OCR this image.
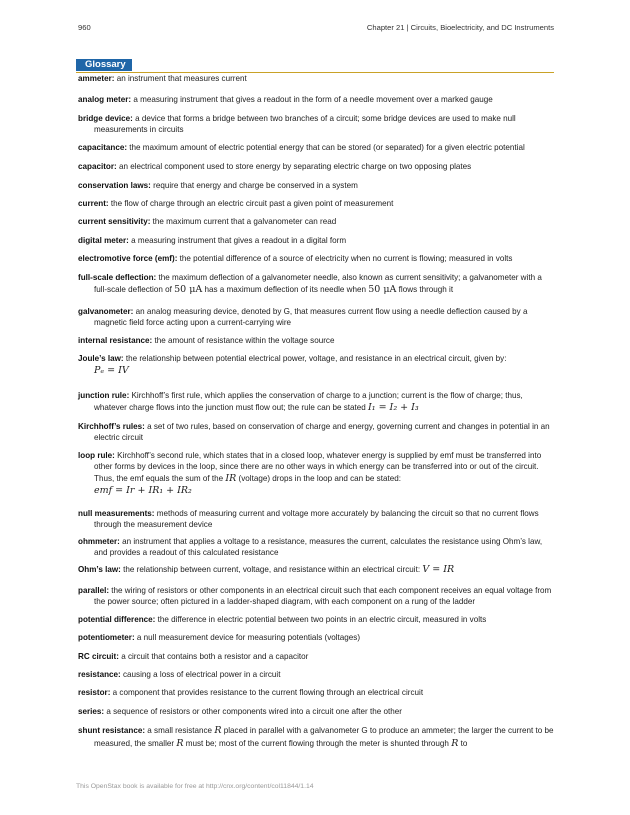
960	Chapter 21 | Circuits, Bioelectricity, and DC Instruments
Glossary
ammeter: an instrument that measures current
analog meter: a measuring instrument that gives a readout in the form of a needle movement over a marked gauge
bridge device: a device that forms a bridge between two branches of a circuit; some bridge devices are used to make null measurements in circuits
capacitance: the maximum amount of electric potential energy that can be stored (or separated) for a given electric potential
capacitor: an electrical component used to store energy by separating electric charge on two opposing plates
conservation laws: require that energy and charge be conserved in a system
current: the flow of charge through an electric circuit past a given point of measurement
current sensitivity: the maximum current that a galvanometer can read
digital meter: a measuring instrument that gives a readout in a digital form
electromotive force (emf): the potential difference of a source of electricity when no current is flowing; measured in volts
full-scale deflection: the maximum deflection of a galvanometer needle, also known as current sensitivity; a galvanometer with a full-scale deflection of 50 μA has a maximum deflection of its needle when 50 μA flows through it
galvanometer: an analog measuring device, denoted by G, that measures current flow using a needle deflection caused by a magnetic field force acting upon a current-carrying wire
internal resistance: the amount of resistance within the voltage source
Joule’s law: the relationship between potential electrical power, voltage, and resistance in an electrical circuit, given by:
Pₑ = IV
junction rule: Kirchhoff’s first rule, which applies the conservation of charge to a junction; current is the flow of charge; thus, whatever charge flows into the junction must flow out; the rule can be stated I₁ = I₂ + I₃
Kirchhoff’s rules: a set of two rules, based on conservation of charge and energy, governing current and changes in potential in an electric circuit
loop rule: Kirchhoff’s second rule, which states that in a closed loop, whatever energy is supplied by emf must be transferred into other forms by devices in the loop, since there are no other ways in which energy can be transferred into or out of the circuit. Thus, the emf equals the sum of the IR (voltage) drops in the loop and can be stated:
emf = Ir + IR₁ + IR₂
null measurements: methods of measuring current and voltage more accurately by balancing the circuit so that no current flows through the measurement device
ohmmeter: an instrument that applies a voltage to a resistance, measures the current, calculates the resistance using Ohm’s law, and provides a readout of this calculated resistance
Ohm’s law: the relationship between current, voltage, and resistance within an electrical circuit: V = IR
parallel: the wiring of resistors or other components in an electrical circuit such that each component receives an equal voltage from the power source; often pictured in a ladder-shaped diagram, with each component on a rung of the ladder
potential difference: the difference in electric potential between two points in an electric circuit, measured in volts
potentiometer: a null measurement device for measuring potentials (voltages)
RC circuit: a circuit that contains both a resistor and a capacitor
resistance: causing a loss of electrical power in a circuit
resistor: a component that provides resistance to the current flowing through an electrical circuit
series: a sequence of resistors or other components wired into a circuit one after the other
shunt resistance: a small resistance R placed in parallel with a galvanometer G to produce an ammeter; the larger the current to be measured, the smaller R must be; most of the current flowing through the meter is shunted through R to
This OpenStax book is available for free at http://cnx.org/content/col11844/1.14
